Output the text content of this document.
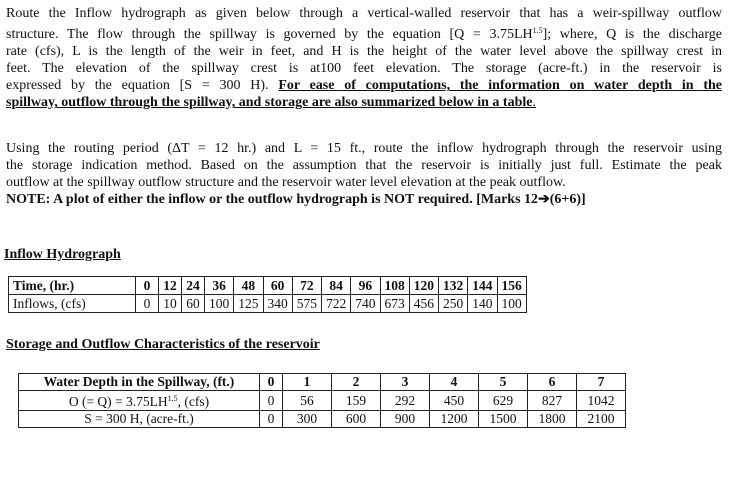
Route the Inflow hydrograph as given below through a vertical-walled reservoir that has a weir-spillway outflow
structure. The flow through the spillway is governed by the equation $[Q = 3.75LH^{1.5}]$; where, Q is the discharge
rate (cfs), L is the length of the weir in feet, and H is the height of the water level above the spillway crest in
feet. The elevation of the spillway crest is at100 feet elevation. The storage (acre-ft.) in the reservoir is
expressed by the equation [S = 300 H). For ease of computations, the information on water depth in the
spillway, outflow through the spillway, and storage are also summarized below in a table.
Using the routing period (ΔT = 12 hr.) and L = 15 ft., route the inflow hydrograph through the reservoir using
the storage indication method. Based on the assumption that the reservoir is initially just full. Estimate the peak
outflow at the spillway outflow structure and the reservoir water level elevation at the peak outflow.
NOTE: A plot of either the inflow or the outflow hydrograph is NOT required. [Marks 12➔(6+6)]
Inflow Hydrograph
Time, (hr.)	0	12	24	36	48	60	72	84	96	108	120	132	144	156
Inflows, (cfs)	0	10	60	100	125	340	575	722	740	673	456	250	140	100
Storage and Outflow Characteristics of the reservoir
Water Depth in the Spillway, (ft.)	0	1	2	3	4	5	6	7
O (= $Q) = 3.75LH^{1.5}$, (cfs)	0	56	159	292	450	629	827	1042
S = 300 H, (acre-ft.)	0	300	600	900	1200	1500	1800	2100
